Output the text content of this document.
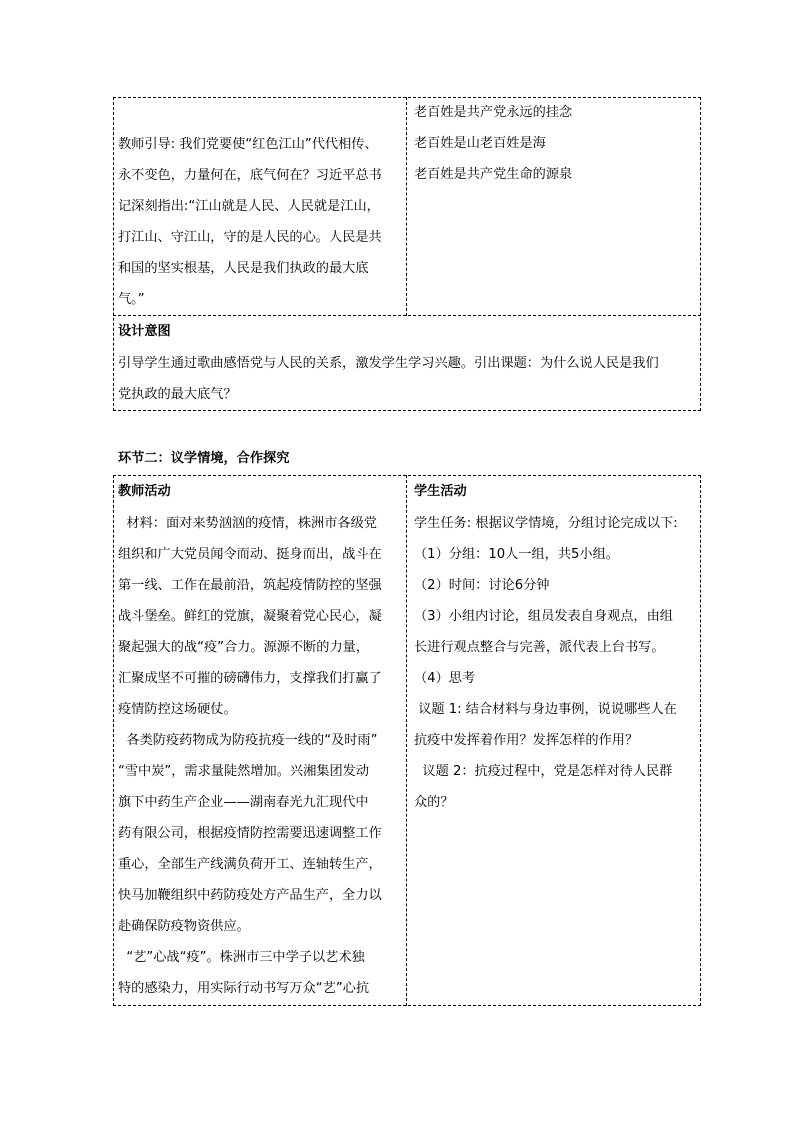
教师引导: 我们党要使“红色江山”代代相传、

永不变色，力量何在，底气何在？习近平总书

记深刻指出:“江山就是人民、人民就是江山，

打江山、守江山，守的是人民的心。人民是共

和国的坚实根基，人民是我们执政的最大底

气。”

老百姓是共产党永远的挂念

老百姓是山老百姓是海

老百姓是共产党生命的源泉

设计意图

引导学生通过歌曲感悟党与人民的关系，激发学生学习兴趣。引出课题：为什么说人民是我们

党执政的最大底气？

环节二：议学情境，合作探究

教师活动

材料：面对来势汹汹的疫情，株洲市各级党

组织和广大党员闻令而动、挺身而出，战斗在

第一线、工作在最前沿，筑起疫情防控的坚强

战斗堡垒。鲜红的党旗，凝聚着党心民心，凝

聚起强大的战“疫”合力。源源不断的力量，

汇聚成坚不可摧的磅礴伟力，支撑我们打赢了

疫情防控这场硬仗。

各类防疫药物成为防疫抗疫一线的“及时雨”

“雪中炭”，需求量陡然增加。兴湘集团发动

旗下中药生产企业——湖南春光九汇现代中

药有限公司，根据疫情防控需要迅速调整工作

重心，全部生产线满负荷开工、连轴转生产，

快马加鞭组织中药防疫处方产品生产，全力以

赴确保防疫物资供应。

“艺”心战“疫”。株洲市三中学子以艺术独

特的感染力，用实际行动书写万众“艺”心抗

学生活动

学生任务: 根据议学情境，分组讨论完成以下:

（1）分组：10人一组，共5小组。

（2）时间：讨论6分钟

（3）小组内讨论，组员发表自身观点，由组

长进行观点整合与完善，派代表上台书写。

（4）思考

议题 1: 结合材料与身边事例，说说哪些人在

抗疫中发挥着作用？发挥怎样的作用？

议题 2：抗疫过程中，党是怎样对待人民群

众的？
